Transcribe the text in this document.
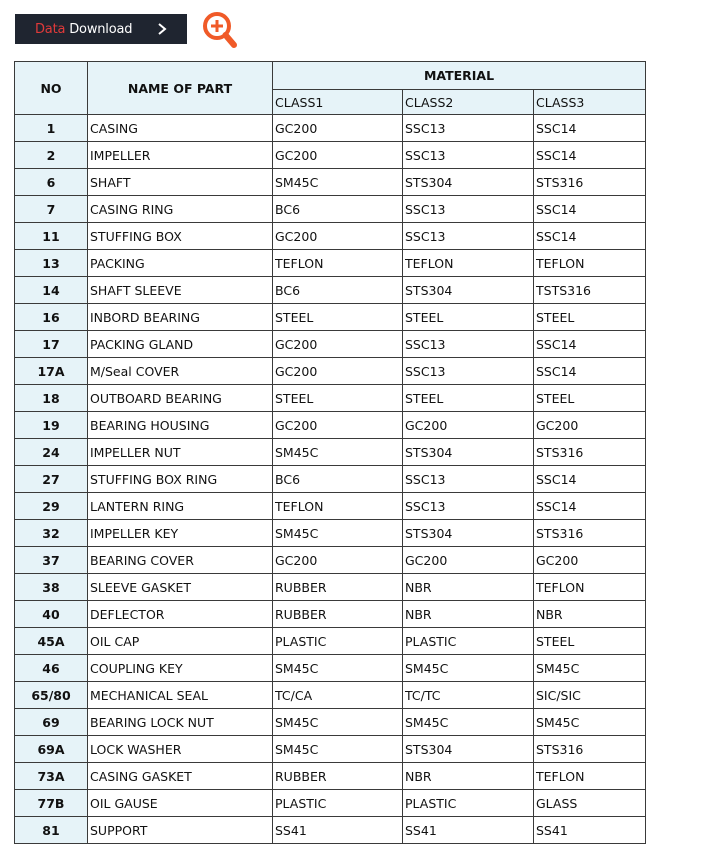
Data Download
NO	NAME OF PART	MATERIAL		
		CLASS1	CLASS2	CLASS3
1	CASING	GC200	SSC13	SSC14
2	IMPELLER	GC200	SSC13	SSC14
6	SHAFT	SM45C	STS304	STS316
7	CASING RING	BC6	SSC13	SSC14
11	STUFFING BOX	GC200	SSC13	SSC14
13	PACKING	TEFLON	TEFLON	TEFLON
14	SHAFT SLEEVE	BC6	STS304	TSTS316
16	INBORD BEARING	STEEL	STEEL	STEEL
17	PACKING GLAND	GC200	SSC13	SSC14
17A	M/Seal COVER	GC200	SSC13	SSC14
18	OUTBOARD BEARING	STEEL	STEEL	STEEL
19	BEARING HOUSING	GC200	GC200	GC200
24	IMPELLER NUT	SM45C	STS304	STS316
27	STUFFING BOX RING	BC6	SSC13	SSC14
29	LANTERN RING	TEFLON	SSC13	SSC14
32	IMPELLER KEY	SM45C	STS304	STS316
37	BEARING COVER	GC200	GC200	GC200
38	SLEEVE GASKET	RUBBER	NBR	TEFLON
40	DEFLECTOR	RUBBER	NBR	NBR
45A	OIL CAP	PLASTIC	PLASTIC	STEEL
46	COUPLING KEY	SM45C	SM45C	SM45C
65/80	MECHANICAL SEAL	TC/CA	TC/TC	SIC/SIC
69	BEARING LOCK NUT	SM45C	SM45C	SM45C
69A	LOCK WASHER	SM45C	STS304	STS316
73A	CASING GASKET	RUBBER	NBR	TEFLON
77B	OIL GAUSE	PLASTIC	PLASTIC	GLASS
81	SUPPORT	SS41	SS41	SS41
